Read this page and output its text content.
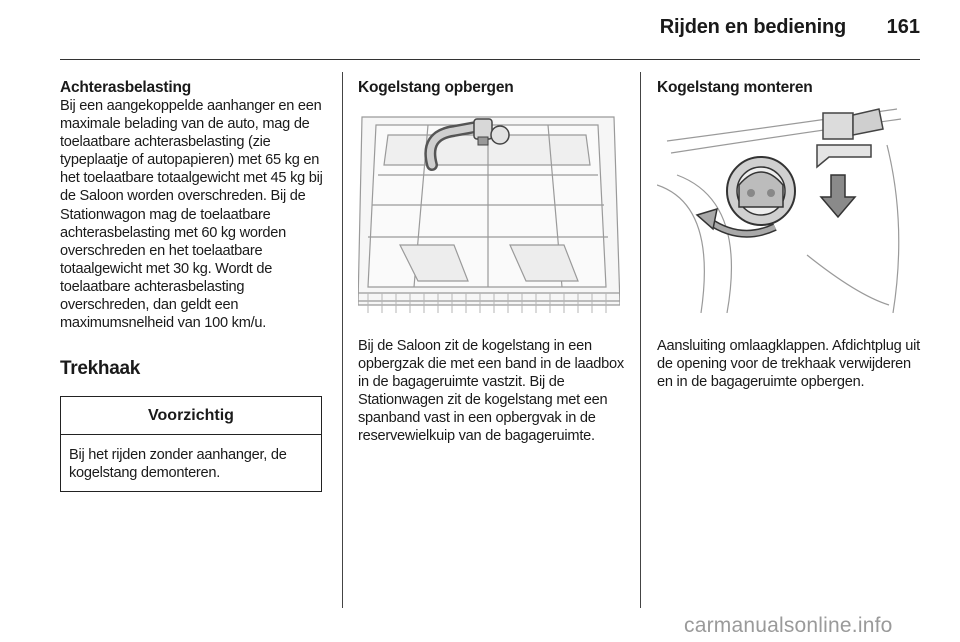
Rijden en bediening	161

Achterasbelasting

Bij een aangekoppelde aanhanger en een maximale belading van de auto, mag de toelaatbare achterasbelasting (zie typeplaatje of autopapieren) met 65 kg en het toelaatbare totaalgewicht met 45 kg bij de Saloon worden overschreden. Bij de Stationwagon mag de toelaatbare achterasbelasting met 60 kg worden overschreden en het toelaatbare totaalgewicht met 30 kg. Wordt de toelaatbare achterasbelasting overschreden, dan geldt een maximumsnelheid van 100 km/u.

Trekhaak
Voorzichtig
Bij het rijden zonder aanhanger, de kogelstang demonteren.

Kogelstang opbergen

Bij de Saloon zit de kogelstang in een opbergzak die met een band in de laadbox in de bagageruimte vastzit. Bij de Stationwagen zit de kogelstang met een spanband vast in een opbergvak in de reservewielkuip van de bagageruimte.

Kogelstang monteren

Aansluiting omlaagklappen. Afdichtplug uit de opening voor de trekhaak verwijderen en in de bagageruimte opbergen.

carmanualsonline.info
